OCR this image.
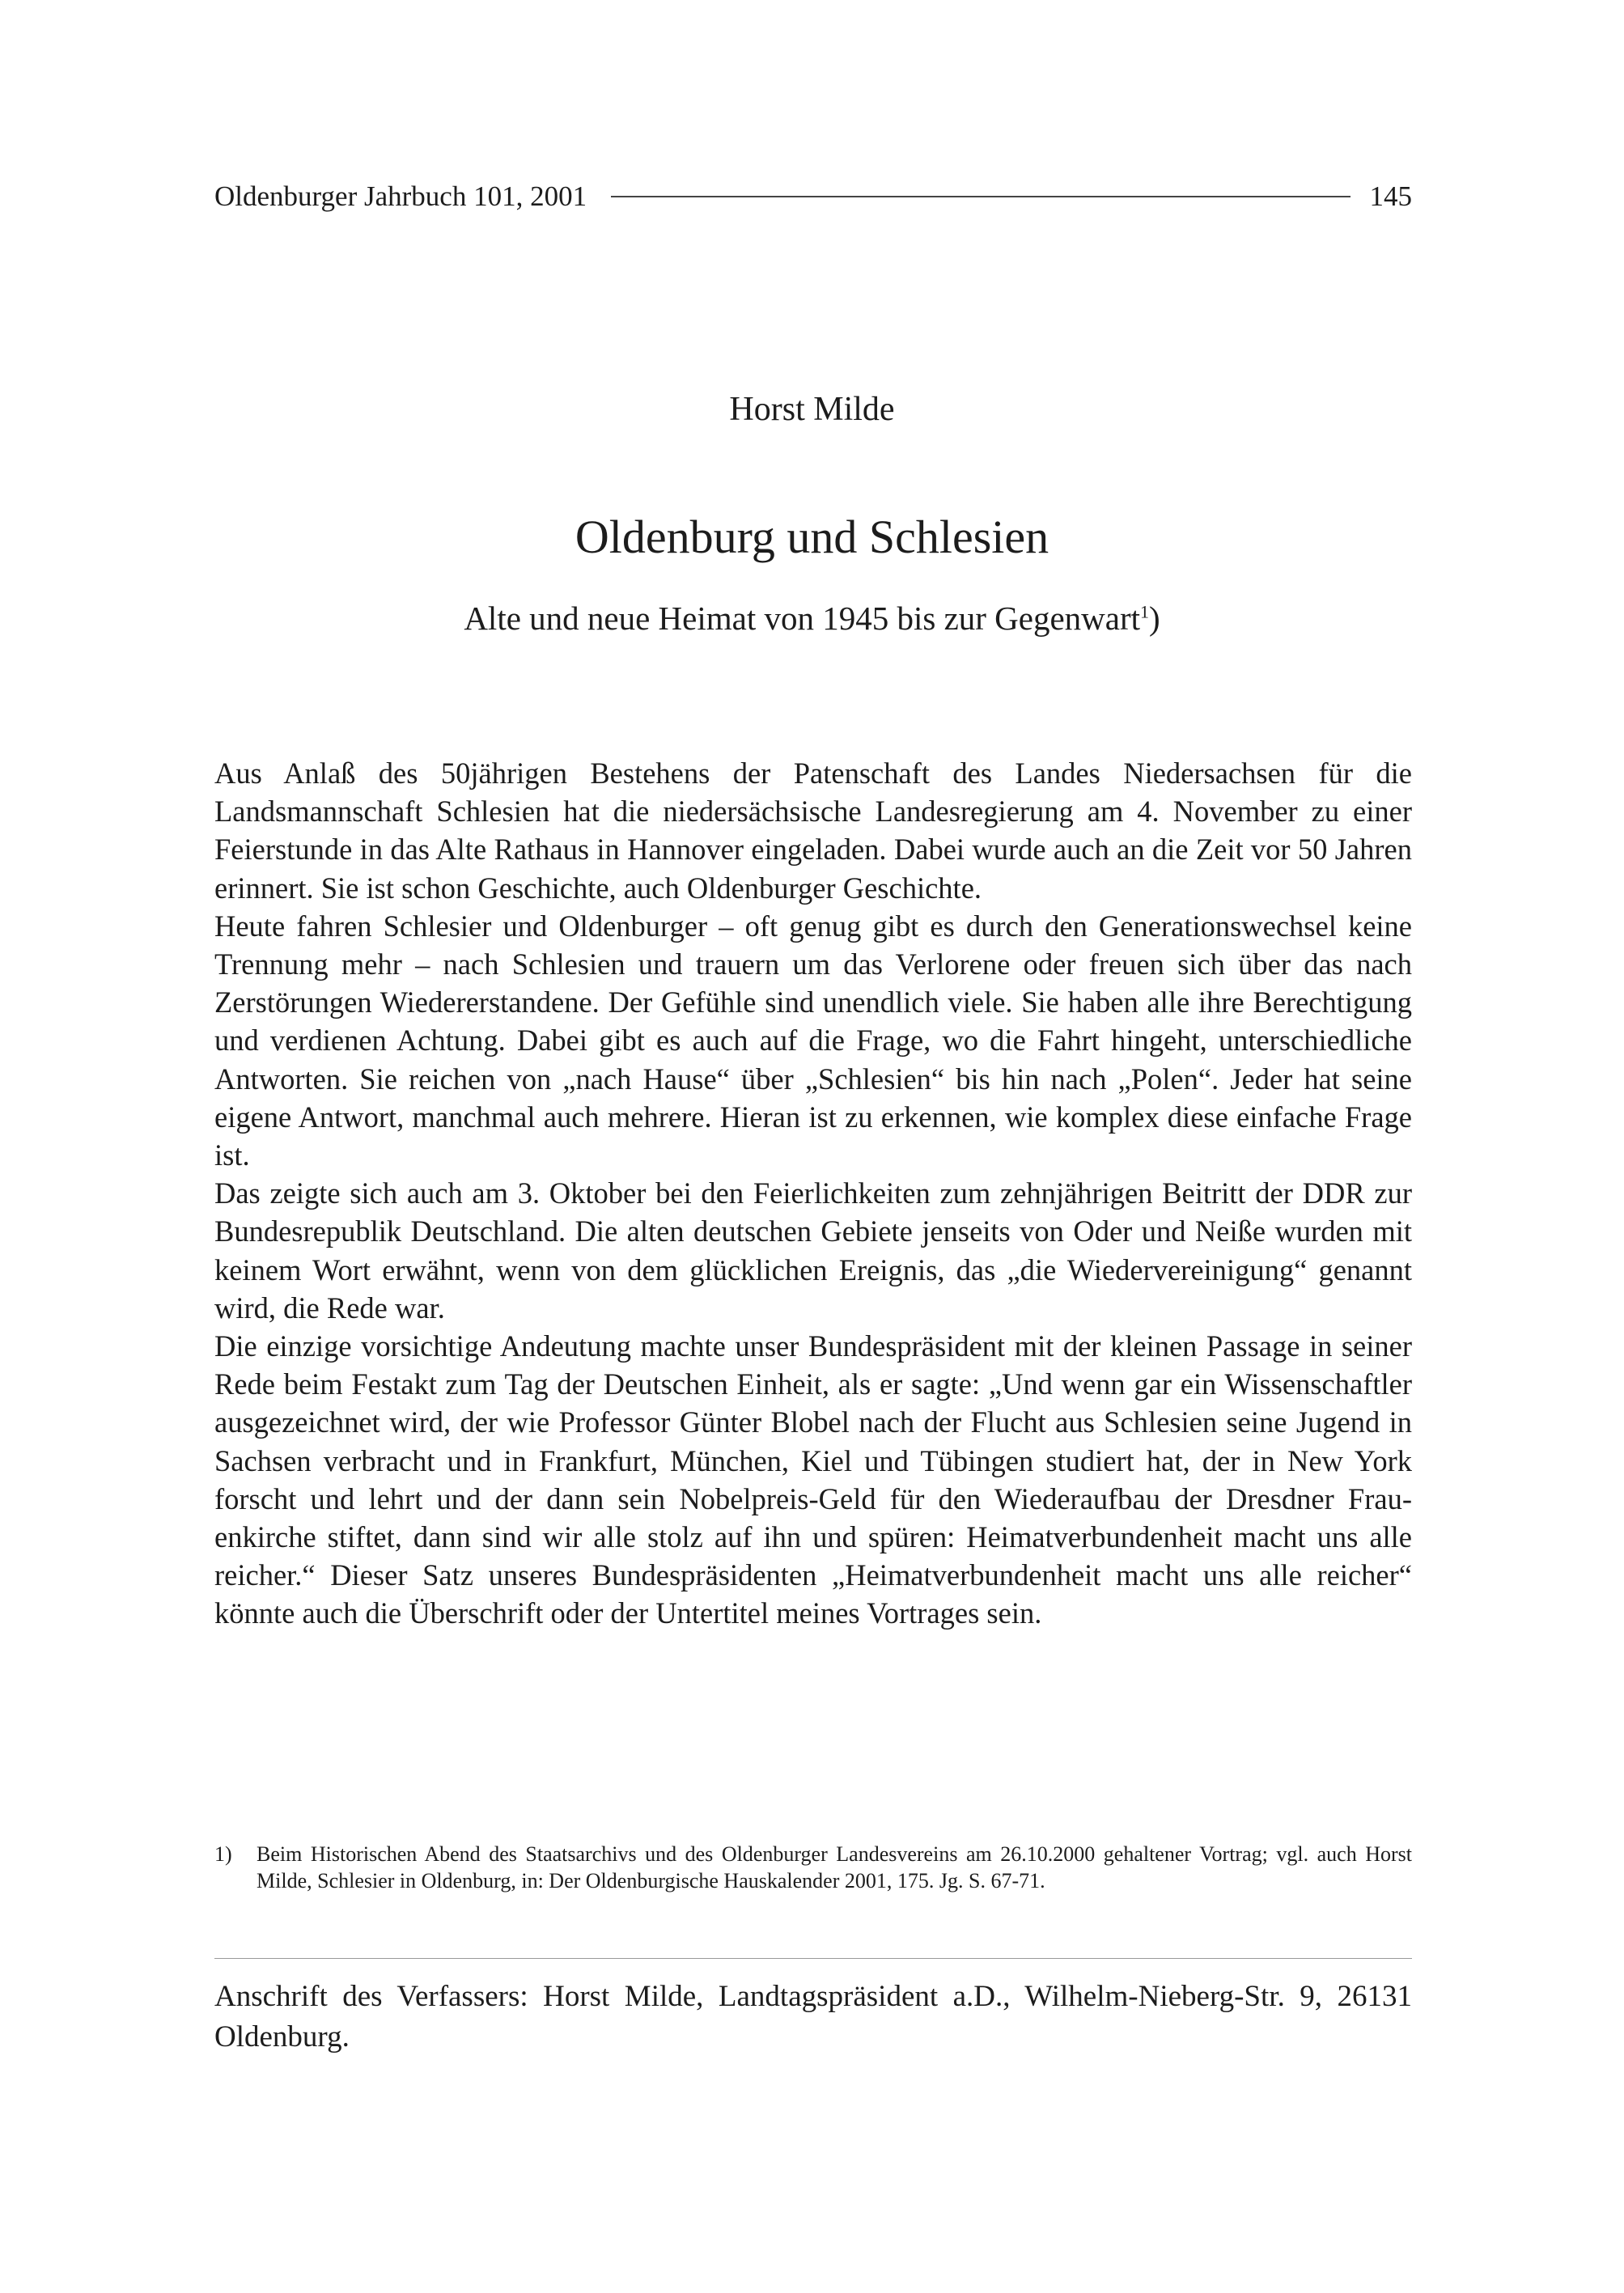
Oldenburger Jahrbuch 101, 2001	145
Horst Milde
Oldenburg und Schlesien
Alte und neue Heimat von 1945 bis zur Gegenwart$^1$)

Aus Anlaß des 50jährigen Bestehens der Patenschaft des Landes Niedersachsen für die Landsmannschaft Schlesien hat die niedersächsische Landesregierung am 4. November zu einer Feierstunde in das Alte Rathaus in Hannover eingeladen. Dabei wurde auch an die Zeit vor 50 Jahren erinnert. Sie ist schon Geschichte, auch Oldenburger Geschichte.

Heute fahren Schlesier und Oldenburger – oft genug gibt es durch den Generationswechsel keine Trennung mehr – nach Schlesien und trauern um das Verlorene oder freuen sich über das nach Zerstörungen Wiedererstandene. Der Gefühle sind unendlich viele. Sie haben alle ihre Berechtigung und verdienen Achtung. Dabei gibt es auch auf die Frage, wo die Fahrt hingeht, unterschiedliche Antworten. Sie reichen von „nach Hause“ über „Schlesien“ bis hin nach „Polen“. Jeder hat seine eigene Antwort, manchmal auch mehrere. Hieran ist zu erkennen, wie komplex diese einfache Frage ist.

Das zeigte sich auch am 3. Oktober bei den Feierlichkeiten zum zehnjährigen Beitritt der DDR zur Bundesrepublik Deutschland. Die alten deutschen Gebiete jenseits von Oder und Neiße wurden mit keinem Wort erwähnt, wenn von dem glücklichen Ereignis, das „die Wiedervereinigung“ genannt wird, die Rede war.

Die einzige vorsichtige Andeutung machte unser Bundespräsident mit der kleinen Passage in seiner Rede beim Festakt zum Tag der Deutschen Einheit, als er sagte: „Und wenn gar ein Wissenschaftler ausgezeichnet wird, der wie Professor Günter Blobel nach der Flucht aus Schlesien seine Jugend in Sachsen verbracht und in Frankfurt, München, Kiel und Tübingen studiert hat, der in New York forscht und lehrt und der dann sein Nobelpreis-Geld für den Wiederaufbau der Dresdner Frauenkirche stiftet, dann sind wir alle stolz auf ihn und spüren: Heimatverbundenheit macht uns alle reicher.“ Dieser Satz unseres Bundespräsidenten „Heimatverbundenheit macht uns alle reicher“ könnte auch die Überschrift oder der Untertitel meines Vortrages sein.

1)	Beim Historischen Abend des Staatsarchivs und des Oldenburger Landesvereins am 26.10.2000 gehaltener Vortrag; vgl. auch Horst Milde, Schlesier in Oldenburg, in: Der Oldenburgische Hauskalender 2001, 175. Jg. S. 67-71.
Anschrift des Verfassers: Horst Milde, Landtagspräsident a.D., Wilhelm-Nieberg-Str. 9, 26131 Oldenburg.
